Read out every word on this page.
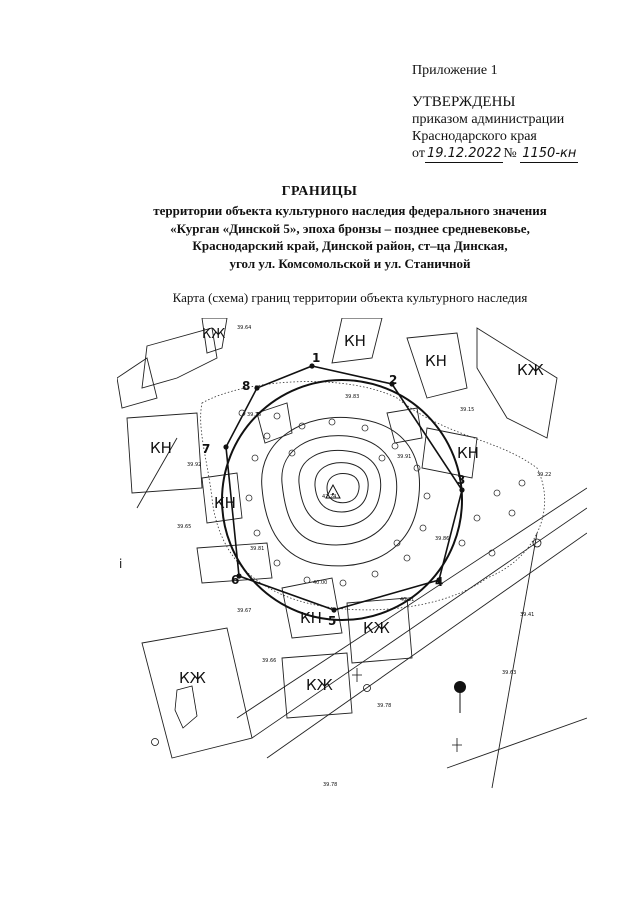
Приложение 1
УТВЕРЖДЕНЫ
приказом администрации
Краснодарского края
от 19.12.2022 № 1150-кн
ГРАНИЦЫ
территории объекта культурного наследия федерального значения
«Курган «Динской 5», эпоха бронзы – позднее средневековье,
Краснодарский край, Динской район, ст–ца Динская,
угол ул. Комсомольской и ул. Станичной
Карта (схема) границ территории объекта культурного наследия
1
2
3
4
5
6
7
8
КН	КЖ
КН	КН
КН
КН
КН
КЖ
КЖ	КЖ
КЖ
i
39.64
39.75
39.83
39.15
39.91
39.22
39.92
42.24
39.65
39.81
39.86
40.00
40.81
39.67
39.41
39.66
39.63
39.78
39.78
